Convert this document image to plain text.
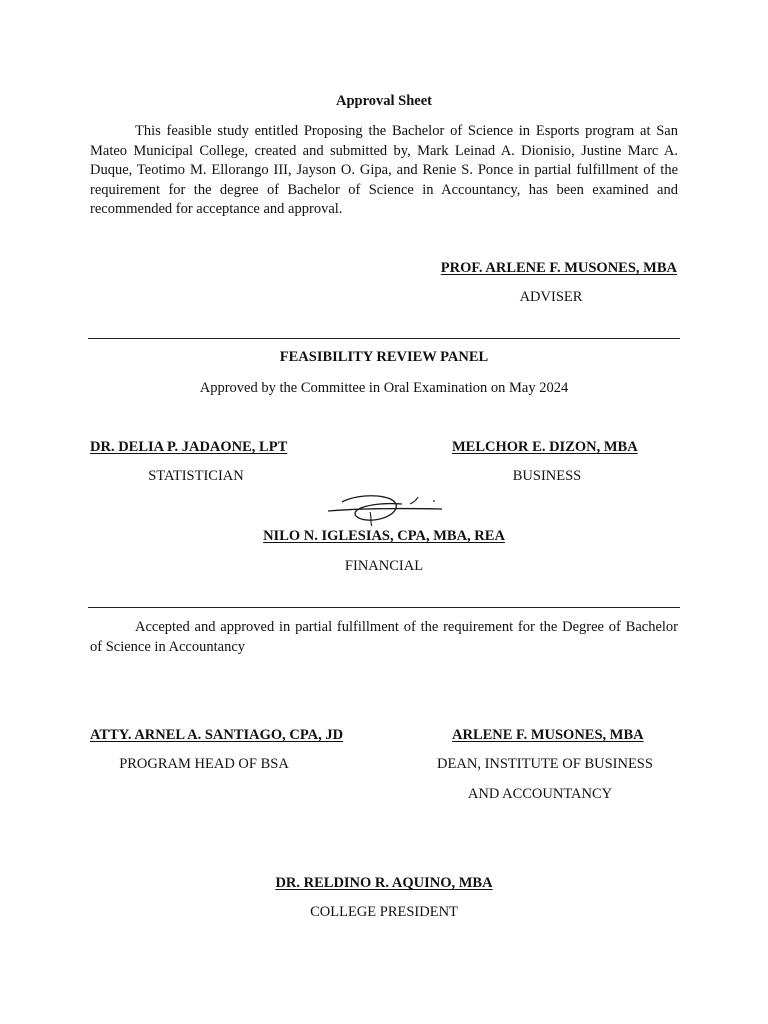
Approval Sheet
This feasible study entitled Proposing the Bachelor of Science in Esports program at San Mateo Municipal College, created and submitted by, Mark Leinad A. Dionisio, Justine Marc A. Duque, Teotimo M. Ellorango III, Jayson O. Gipa, and Renie S. Ponce in partial fulfillment of the requirement for the degree of Bachelor of Science in Accountancy, has been examined and recommended for acceptance and approval.
PROF. ARLENE F. MUSONES, MBA
ADVISER
FEASIBILITY REVIEW PANEL
Approved by the Committee in Oral Examination on May 2024
DR. DELIA P. JADAONE, LPT
STATISTICIAN
MELCHOR E. DIZON, MBA
BUSINESS
NILO N. IGLESIAS, CPA, MBA, REA
FINANCIAL
Accepted and approved in partial fulfillment of the requirement for the Degree of Bachelor of Science in Accountancy
ATTY. ARNEL A. SANTIAGO, CPA, JD
PROGRAM HEAD OF BSA
ARLENE F. MUSONES, MBA
DEAN, INSTITUTE OF BUSINESS
AND ACCOUNTANCY
DR. RELDINO R. AQUINO, MBA
COLLEGE PRESIDENT
